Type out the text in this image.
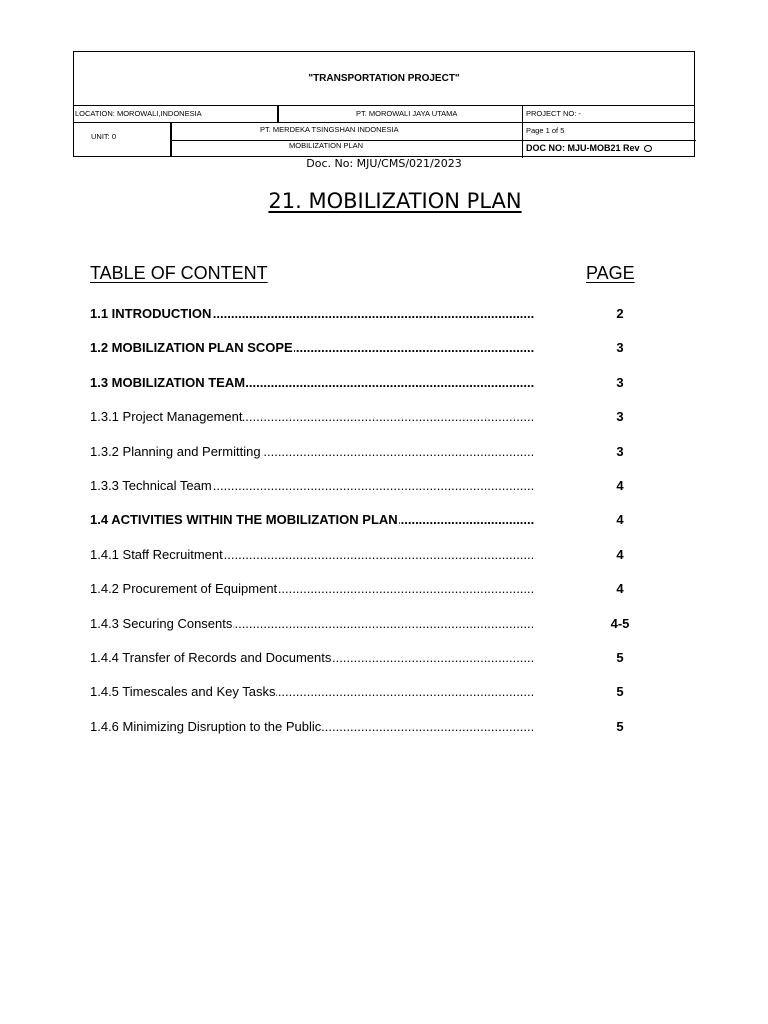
"TRANSPORTATION PROJECT"
LOCATION: MOROWALI,INDONESIA	PT. MOROWALI JAYA UTAMA	PROJECT NO: -
UNIT: 0
PT. MERDEKA TSINGSHAN INDONESIA	Page 1 of 5
MOBILIZATION PLAN	DOC NO: MJU-MOB21 Rev
Doc. No: MJU/CMS/021/2023
21. MOBILIZATION PLAN
TABLE OF CONTENT	PAGE
1.1 INTRODUCTION .....	2
1.2 MOBILIZATION PLAN SCOPE .....	3
1.3 MOBILIZATION TEAM .....	3
1.3.1 Project Management .....	3
1.3.2 Planning and Permitting .....	3
1.3.3 Technical Team .....	4
1.4 ACTIVITIES WITHIN THE MOBILIZATION PLAN .....	4
1.4.1 Staff Recruitment .....	4
1.4.2 Procurement of Equipment .....	4
1.4.3 Securing Consents .....	4-5
1.4.4 Transfer of Records and Documents .....	5
1.4.5 Timescales and Key Tasks .....	5
1.4.6 Minimizing Disruption to the Public .....	5
